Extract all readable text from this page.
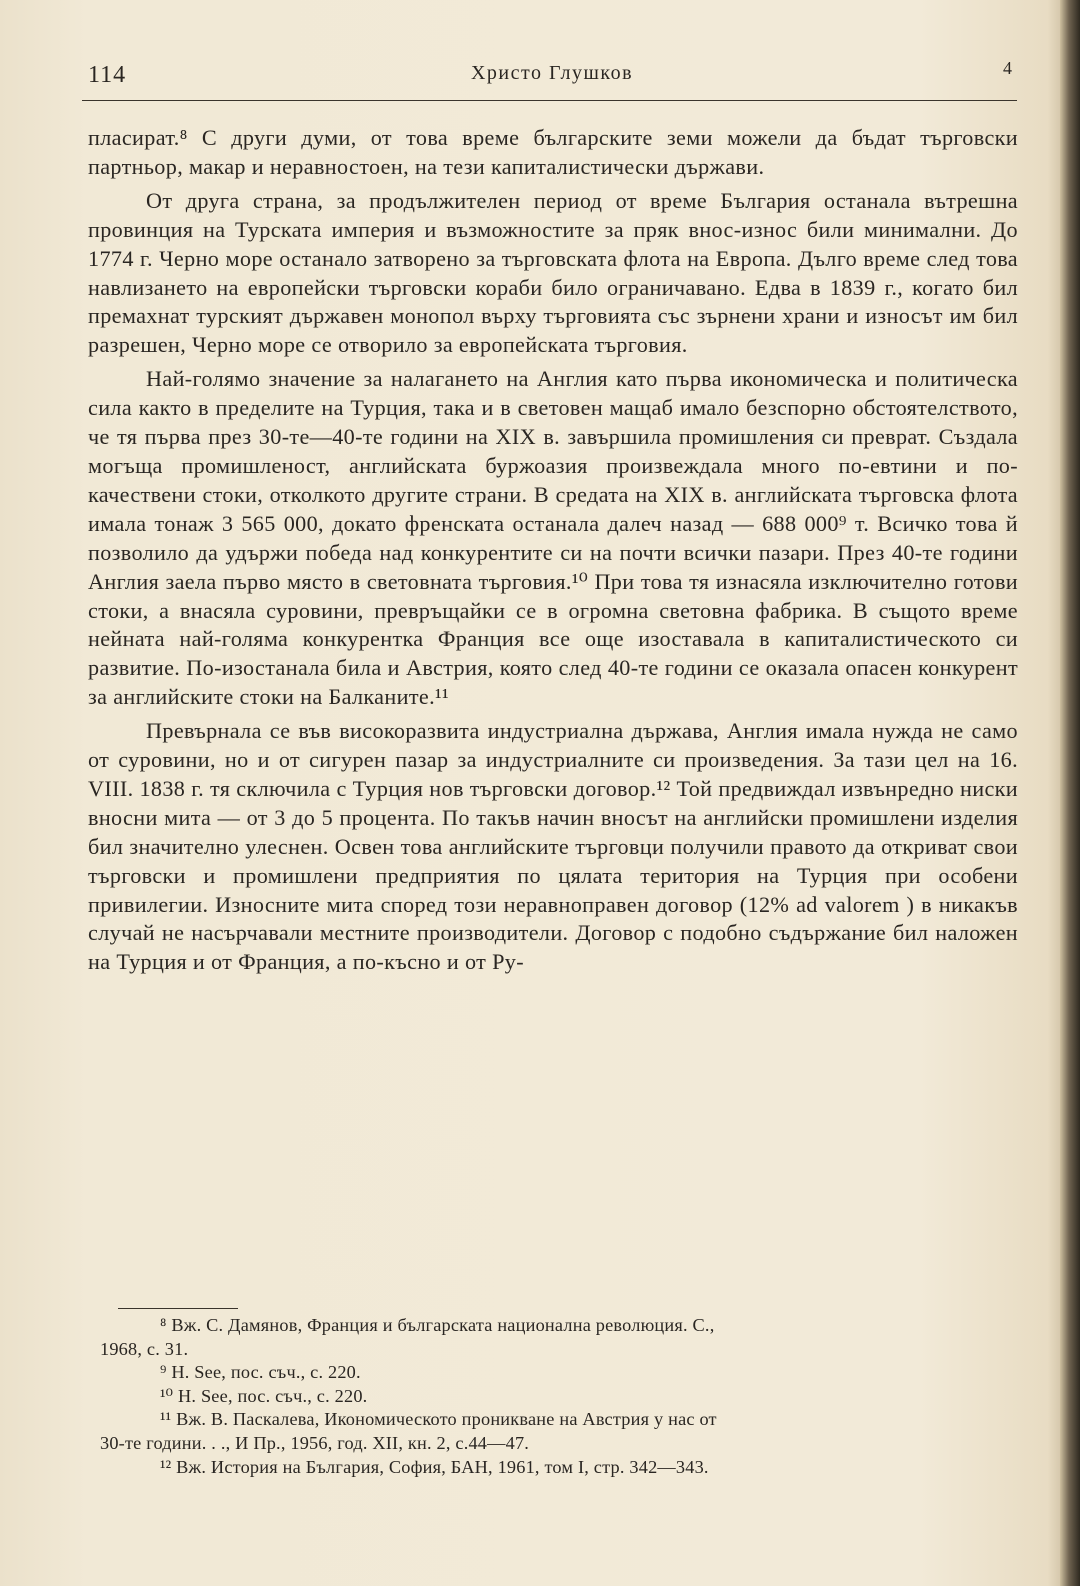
114	Христо Глушков	4

пласират.⁸ С други думи, от това време българските земи можели да бъдат търговски партньор, макар и неравностоен, на тези капиталистически държави.

От друга страна, за продължителен период от време България останала вътрешна провинция на Турската империя и възможностите за пряк внос-износ били минимални. До 1774 г. Черно море останало затворено за търговската флота на Европа. Дълго време след това навлизането на европейски търговски кораби било ограничавано. Едва в 1839 г., когато бил премахнат турският държавен монопол върху търговията със зърнени храни и износът им бил разрешен, Черно море се отворило за европейската търговия.

Най-голямо значение за налагането на Англия като първа икономическа и политическа сила както в пределите на Турция, така и в световен мащаб имало безспорно обстоятелството, че тя първа през 30-те—40-те години на XIX в. завършила промишления си преврат. Създала могъща промишленост, английската буржоазия произвеждала много по-евтини и по-качествени стоки, отколкото другите страни. В средата на XIX в. английската търговска флота имала тонаж 3 565 000, докато френската останала далеч назад — 688 000⁹ т. Всичко това й позволило да удържи победа над конкурентите си на почти всички пазари. През 40-те години Англия заела първо място в световната търговия.¹⁰ При това тя изнасяла изключително готови стоки, а внасяла суровини, превръщайки се в огромна световна фабрика. В същото време нейната най-голяма конкурентка Франция все още изоставала в капиталистическото си развитие. По-изостанала била и Австрия, която след 40-те години се оказала опасен конкурент за английските стоки на Балканите.¹¹

Превърнала се във високоразвита индустриална държава, Англия имала нужда не само от суровини, но и от сигурен пазар за индустриалните си произведения. За тази цел на 16. VIII. 1838 г. тя сключила с Турция нов търговски договор.¹² Той предвиждал извънредно ниски вносни мита — от 3 до 5 процента. По такъв начин вносът на английски промишлени изделия бил значително улеснен. Освен това английските търговци получили правото да откриват свои търговски и промишлени предприятия по цялата територия на Турция при особени привилегии. Износните мита според този неравноправен договор (12% ad valorem ) в никакъв случай не насърчавали местните производители. Договор с подобно съдържание бил наложен на Турция и от Франция, а по-късно и от Ру-

⁸ Вж. С. Дамянов, Франция и българската национална революция. С.,

1968, с. 31.

⁹ H. See, пос. съч., с. 220.

¹⁰ H. See, пос. съч., с. 220.

¹¹ Вж. В. Паскалева, Икономическото проникване на Австрия у нас от

30-те години. . ., И Пр., 1956, год. XII, кн. 2, с.44—47.

¹² Вж. История на България, София, БАН, 1961, том I, стр. 342—343.
